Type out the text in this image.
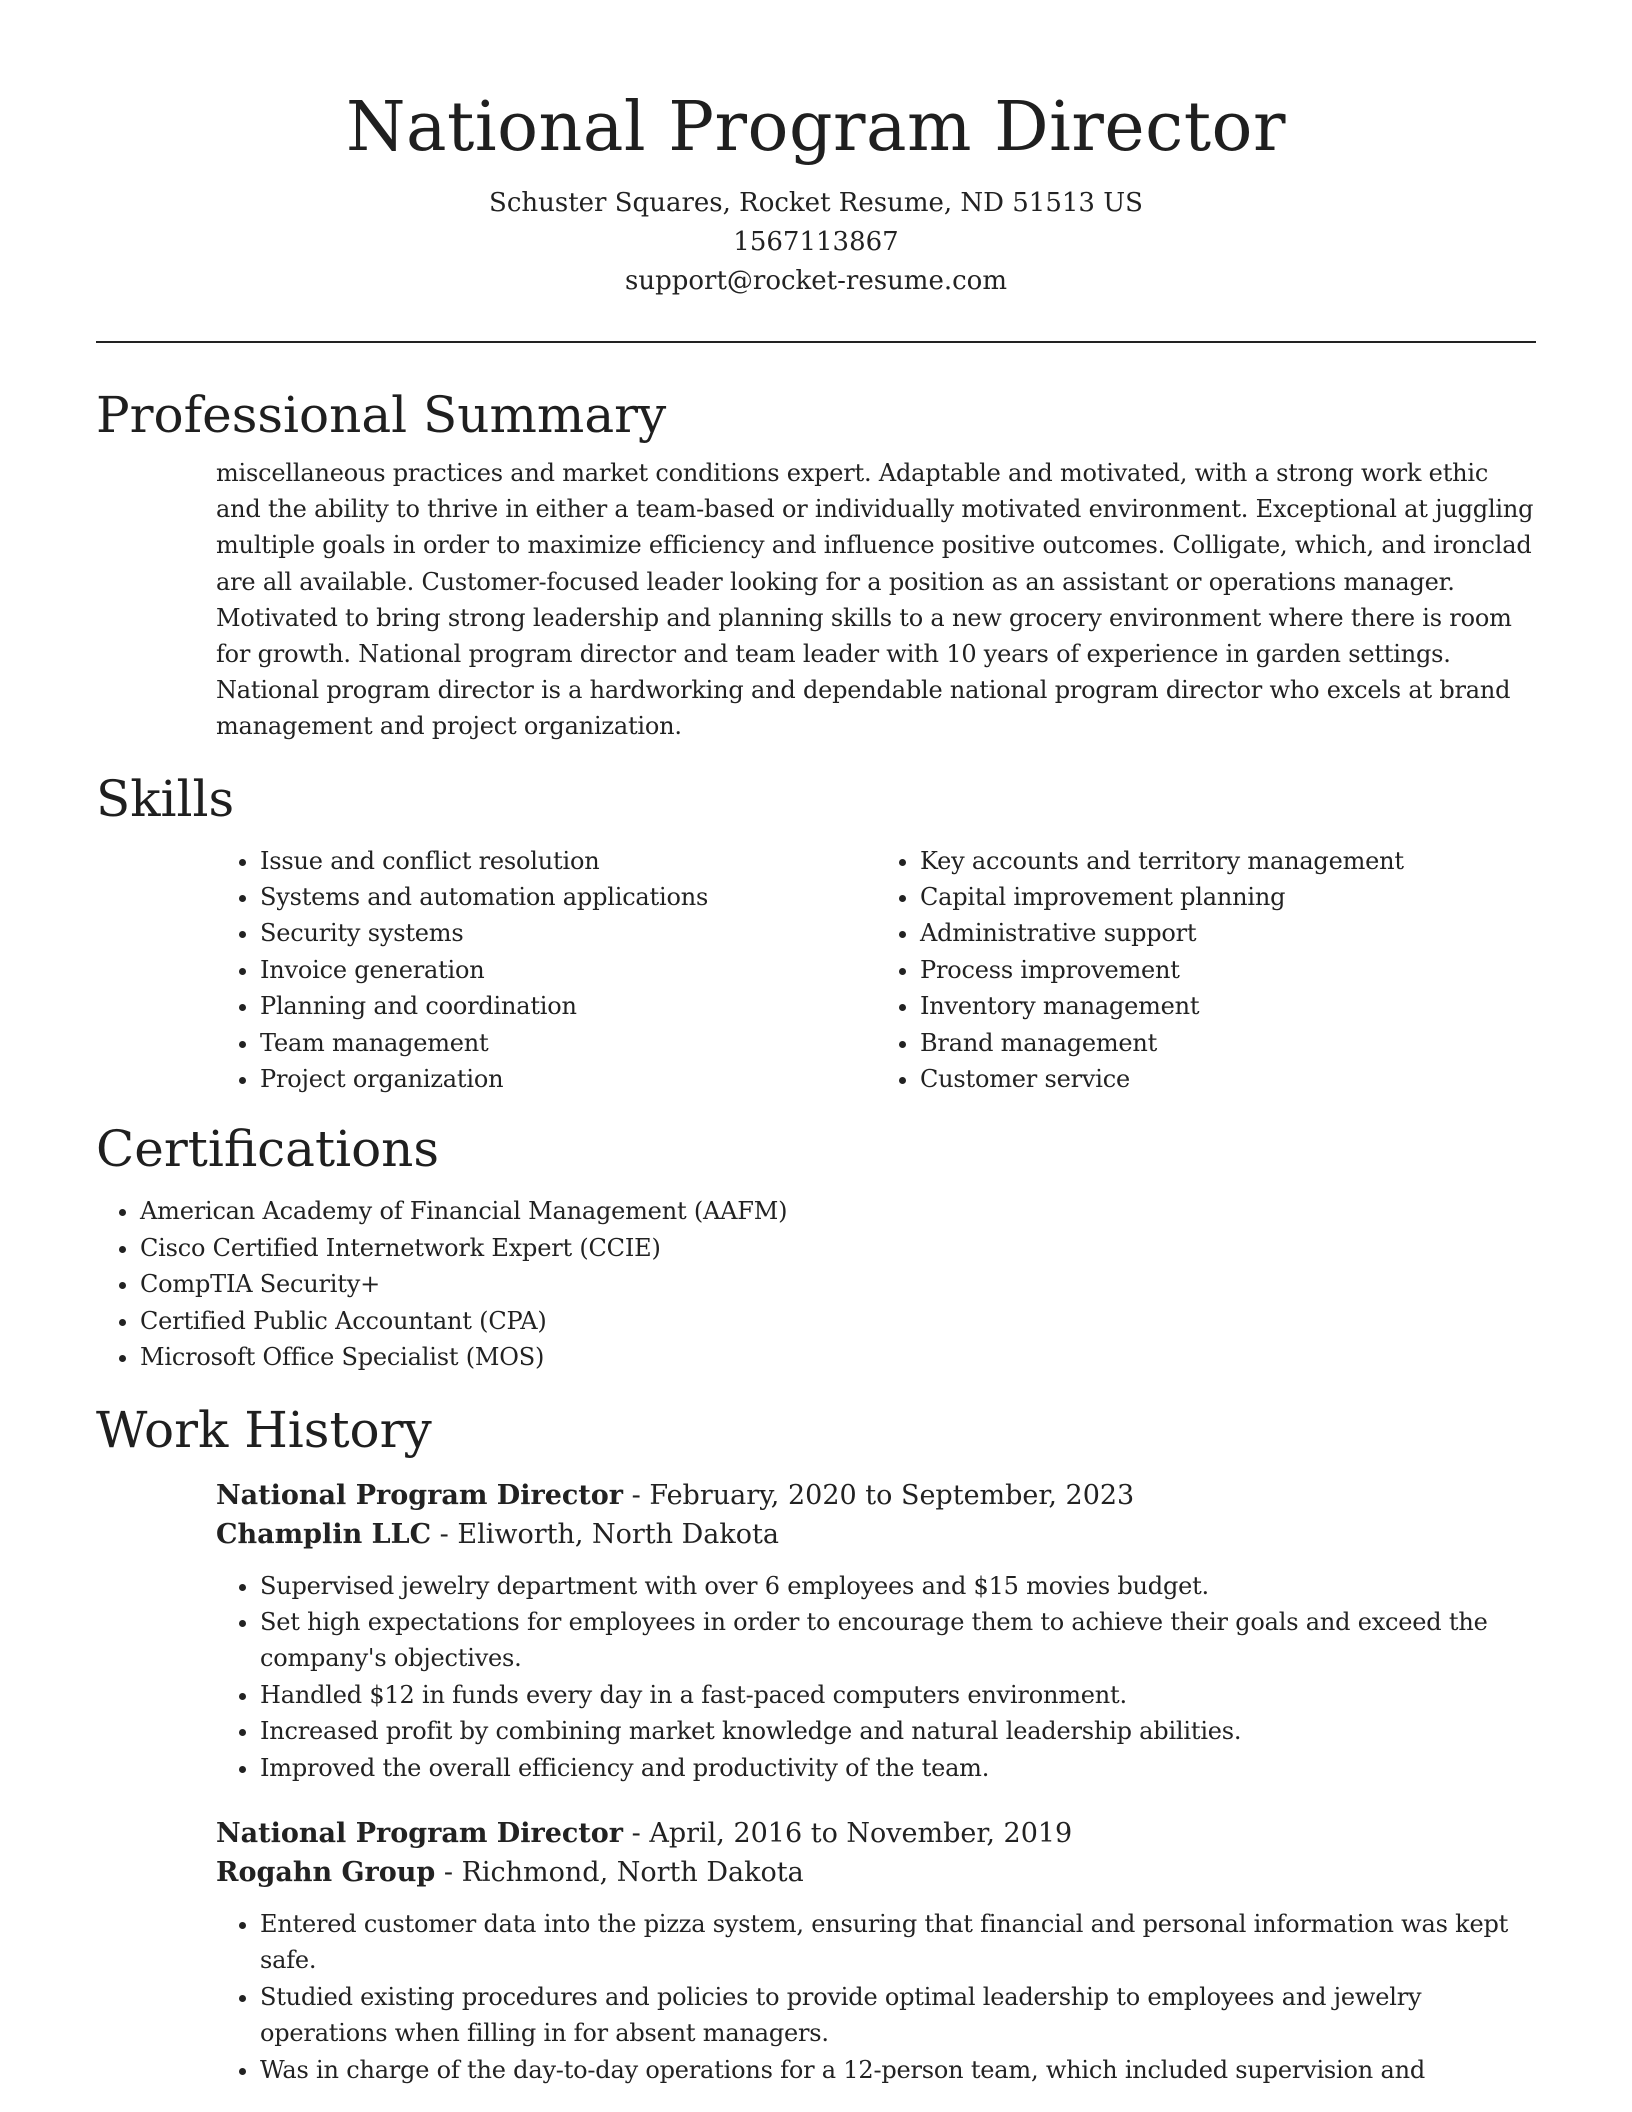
National Program Director
Schuster Squares, Rocket Resume, ND 51513 US
1567113867
support@rocket-resume.com
Professional Summary
miscellaneous practices and market conditions expert. Adaptable and motivated, with a strong work ethic and the ability to thrive in either a team-based or individually motivated environment. Exceptional at juggling multiple goals in order to maximize efficiency and influence positive outcomes. Colligate, which, and ironclad are all available. Customer-focused leader looking for a position as an assistant or operations manager. Motivated to bring strong leadership and planning skills to a new grocery environment where there is room for growth. National program director and team leader with 10 years of experience in garden settings. National program director is a hardworking and dependable national program director who excels at brand management and project organization.
Skills
• Issue and conflict resolution
• Systems and automation applications
• Security systems
• Invoice generation
• Planning and coordination
• Team management
• Project organization
• Key accounts and territory management
• Capital improvement planning
• Administrative support
• Process improvement
• Inventory management
• Brand management
• Customer service
Certifications
• American Academy of Financial Management (AAFM)
• Cisco Certified Internetwork Expert (CCIE)
• CompTIA Security+
• Certified Public Accountant (CPA)
• Microsoft Office Specialist (MOS)
Work History
National Program Director - February, 2020 to September, 2023
Champlin LLC - Eliworth, North Dakota
• Supervised jewelry department with over 6 employees and $15 movies budget.
• Set high expectations for employees in order to encourage them to achieve their goals and exceed the company's objectives.
• Handled $12 in funds every day in a fast-paced computers environment.
• Increased profit by combining market knowledge and natural leadership abilities.
• Improved the overall efficiency and productivity of the team.
National Program Director - April, 2016 to November, 2019
Rogahn Group - Richmond, North Dakota
• Entered customer data into the pizza system, ensuring that financial and personal information was kept safe.
• Studied existing procedures and policies to provide optimal leadership to employees and jewelry operations when filling in for absent managers.
• Was in charge of the day-to-day operations for a 12-person team, which included supervision and
